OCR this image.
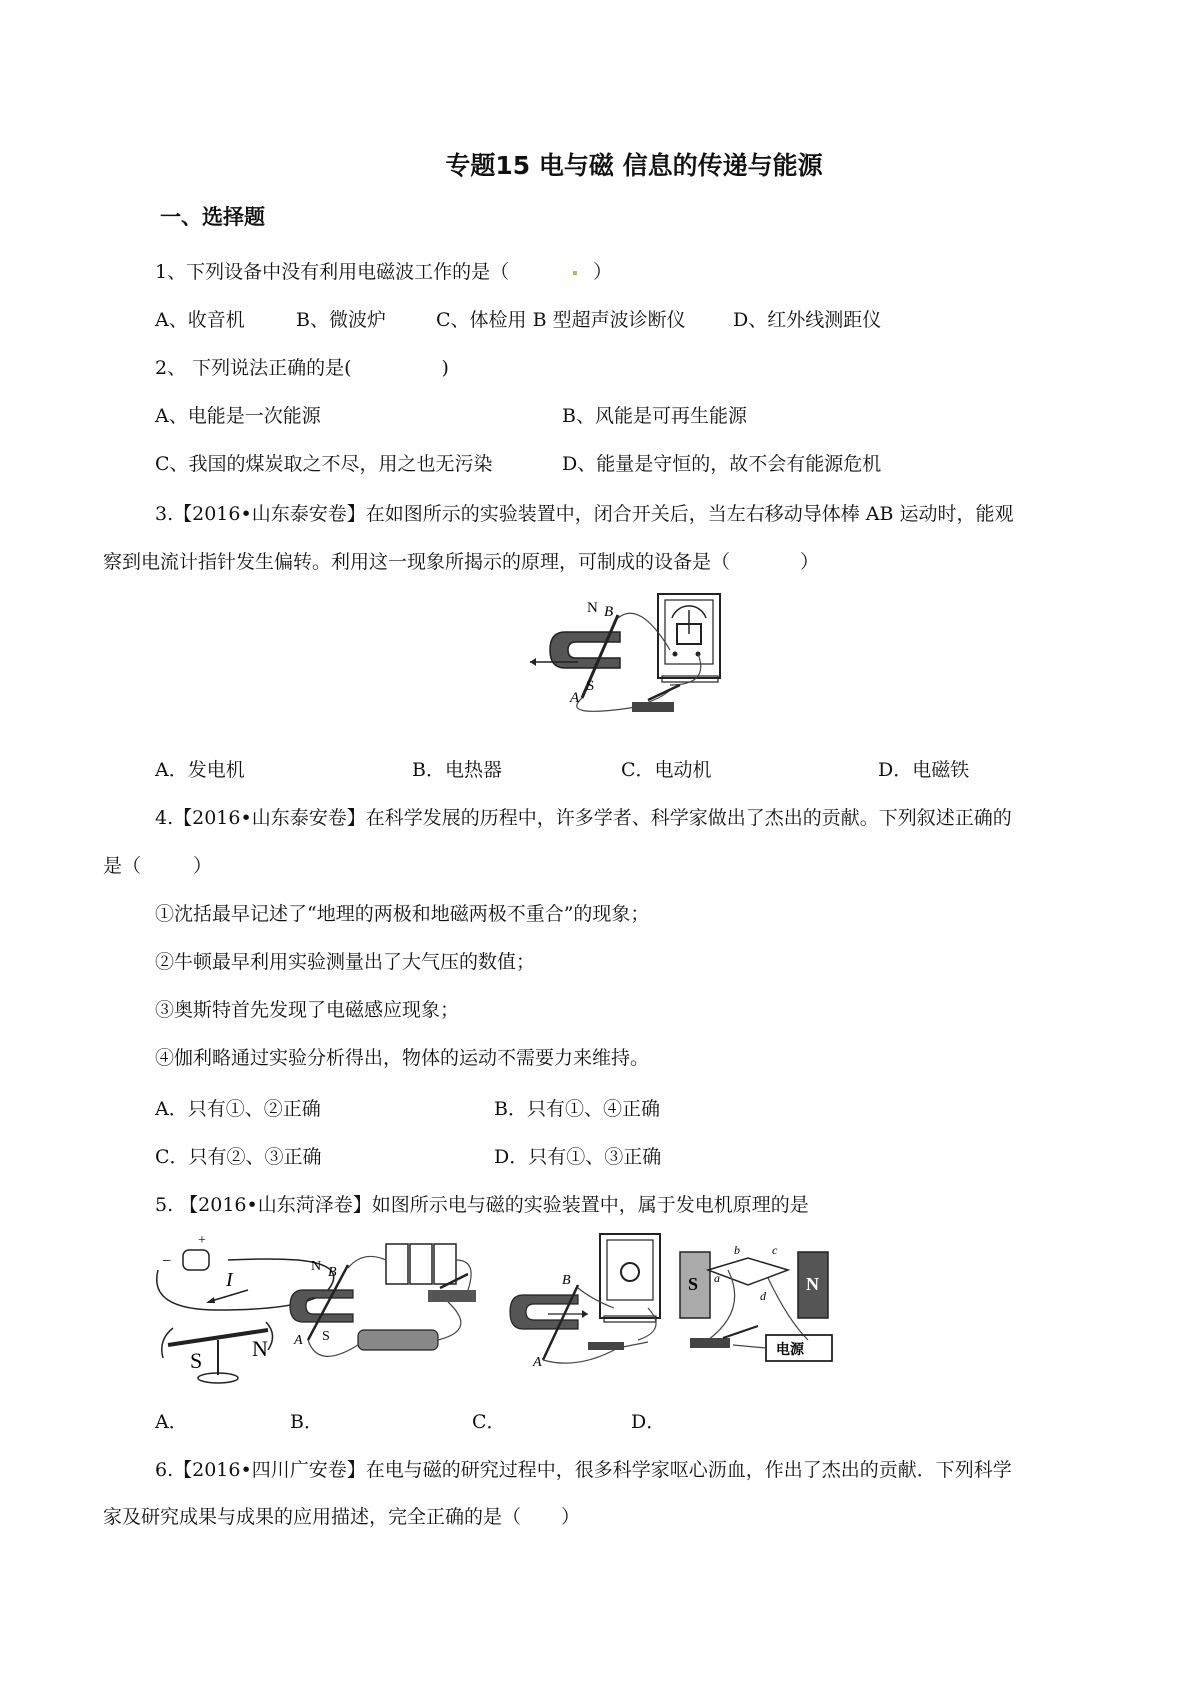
专题15 电与磁 信息的传递与能源
一、选择题
1、下列设备中没有利用电磁波工作的是（	）
A、收音机	B、微波炉	C、体检用 B 型超声波诊断仪 D、红外线测距仪
2、 下列说法正确的是(	)
A、电能是一次能源	B、风能是可再生能源
C、我国的煤炭取之不尽，用之也无污染	D、能量是守恒的，故不会有能源危机
3.【2016•山东泰安卷】在如图所示的实验装置中，闭合开关后，当左右移动导体棒 AB 运动时，能观
察到电流计指针发生偏转。利用这一现象所揭示的原理，可制成的设备是（	）
N B
S
A
A．发电机	B．电热器	C．电动机	D．电磁铁
4.【2016•山东泰安卷】在科学发展的历程中，许多学者、科学家做出了杰出的贡献。下列叙述正确的
是（	）
①沈括最早记述了“地理的两极和地磁两极不重合”的现象；
②牛顿最早利用实验测量出了大气压的数值；
③奥斯特首先发现了电磁感应现象；
④伽利略通过实验分析得出，物体的运动不需要力来维持。
A．只有①、②正确	B．只有①、④正确
C．只有②、③正确	D．只有①、③正确
5. 【2016•山东菏泽卷】如图所示电与磁的实验装置中，属于发电机原理的是
+
−
I
S N
N B
A S
B
A
S	N
b	c
a
d
电源
A．	B．	C．	D．
6.【2016•四川广安卷】在电与磁的研究过程中，很多科学家呕心沥血，作出了杰出的贡献．下列科学
家及研究成果与成果的应用描述，完全正确的是（ ）
